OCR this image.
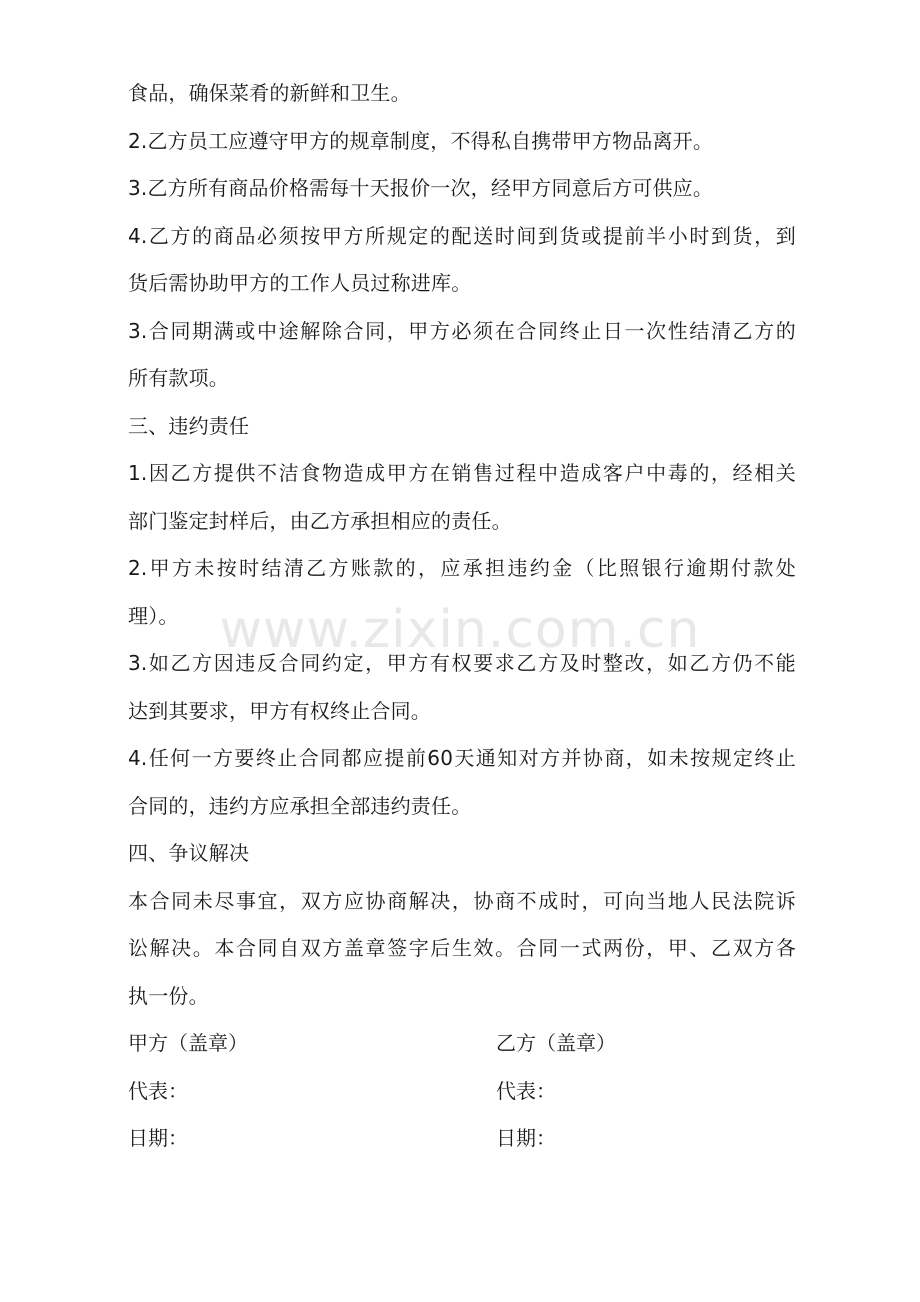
食品，确保菜肴的新鲜和卫生。
2.乙方员工应遵守甲方的规章制度，不得私自携带甲方物品离开。
3.乙方所有商品价格需每十天报价一次，经甲方同意后方可供应。
4.乙方的商品必须按甲方所规定的配送时间到货或提前半小时到货，到
货后需协助甲方的工作人员过称进库。
3.合同期满或中途解除合同，甲方必须在合同终止日一次性结清乙方的
所有款项。
三、违约责任
1.因乙方提供不洁食物造成甲方在销售过程中造成客户中毒的，经相关
部门鉴定封样后，由乙方承担相应的责任。
2.甲方未按时结清乙方账款的，应承担违约金（比照银行逾期付款处
理）。
3.如乙方因违反合同约定，甲方有权要求乙方及时整改，如乙方仍不能
达到其要求，甲方有权终止合同。
4.任何一方要终止合同都应提前60天通知对方并协商，如未按规定终止
合同的，违约方应承担全部违约责任。
四、争议解决
本合同未尽事宜，双方应协商解决，协商不成时，可向当地人民法院诉
讼解决。本合同自双方盖章签字后生效。合同一式两份，甲、乙双方各
执一份。
甲方（盖章）	乙方（盖章）
代表：	代表：
日期：	日期：
www.zixin.com.cn
